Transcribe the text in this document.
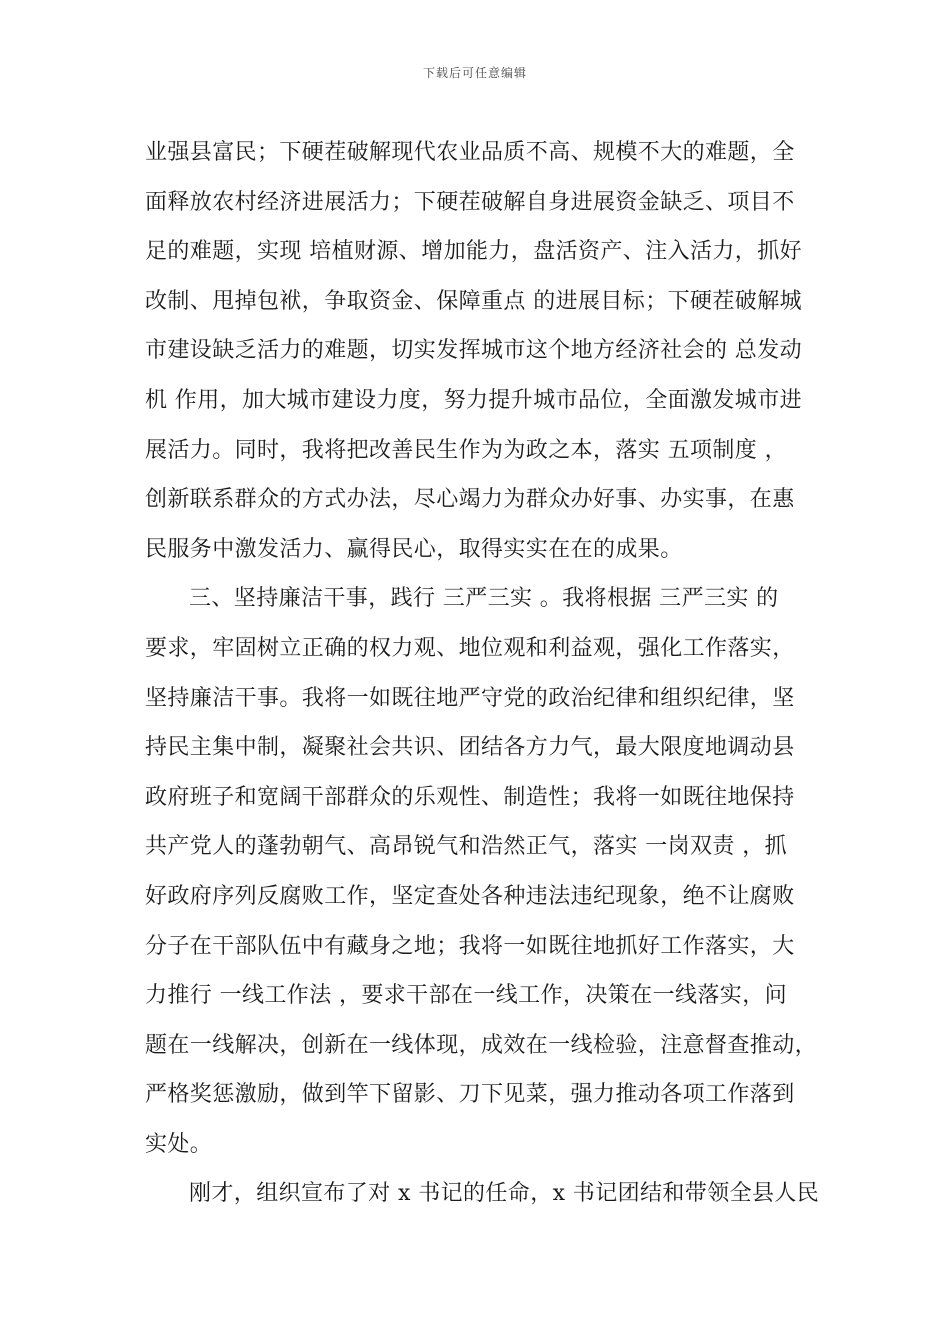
下载后可任意编辑
业强县富民；下硬茬破解现代农业品质不高、规模不大的难题，全
面释放农村经济进展活力；下硬茬破解自身进展资金缺乏、项目不
足的难题，实现 培植财源、增加能力，盘活资产、注入活力，抓好
改制、甩掉包袱，争取资金、保障重点 的进展目标；下硬茬破解城
市建设缺乏活力的难题，切实发挥城市这个地方经济社会的 总发动
机 作用，加大城市建设力度，努力提升城市品位，全面激发城市进
展活力。同时，我将把改善民生作为为政之本，落实 五项制度 ，
创新联系群众的方式办法，尽心竭力为群众办好事、办实事，在惠
民服务中激发活力、赢得民心，取得实实在在的成果。
三、坚持廉洁干事，践行 三严三实 。我将根据 三严三实 的
要求，牢固树立正确的权力观、地位观和利益观，强化工作落实，
坚持廉洁干事。我将一如既往地严守党的政治纪律和组织纪律，坚
持民主集中制，凝聚社会共识、团结各方力气，最大限度地调动县
政府班子和宽阔干部群众的乐观性、制造性；我将一如既往地保持
共产党人的蓬勃朝气、高昂锐气和浩然正气，落实 一岗双责 ，抓
好政府序列反腐败工作，坚定查处各种违法违纪现象，绝不让腐败
分子在干部队伍中有藏身之地；我将一如既往地抓好工作落实，大
力推行 一线工作法 ，要求干部在一线工作，决策在一线落实，问
题在一线解决，创新在一线体现，成效在一线检验，注意督查推动，
严格奖惩激励，做到竿下留影、刀下见菜，强力推动各项工作落到
实处。
刚才，组织宣布了对 x 书记的任命，x 书记团结和带领全县人民
